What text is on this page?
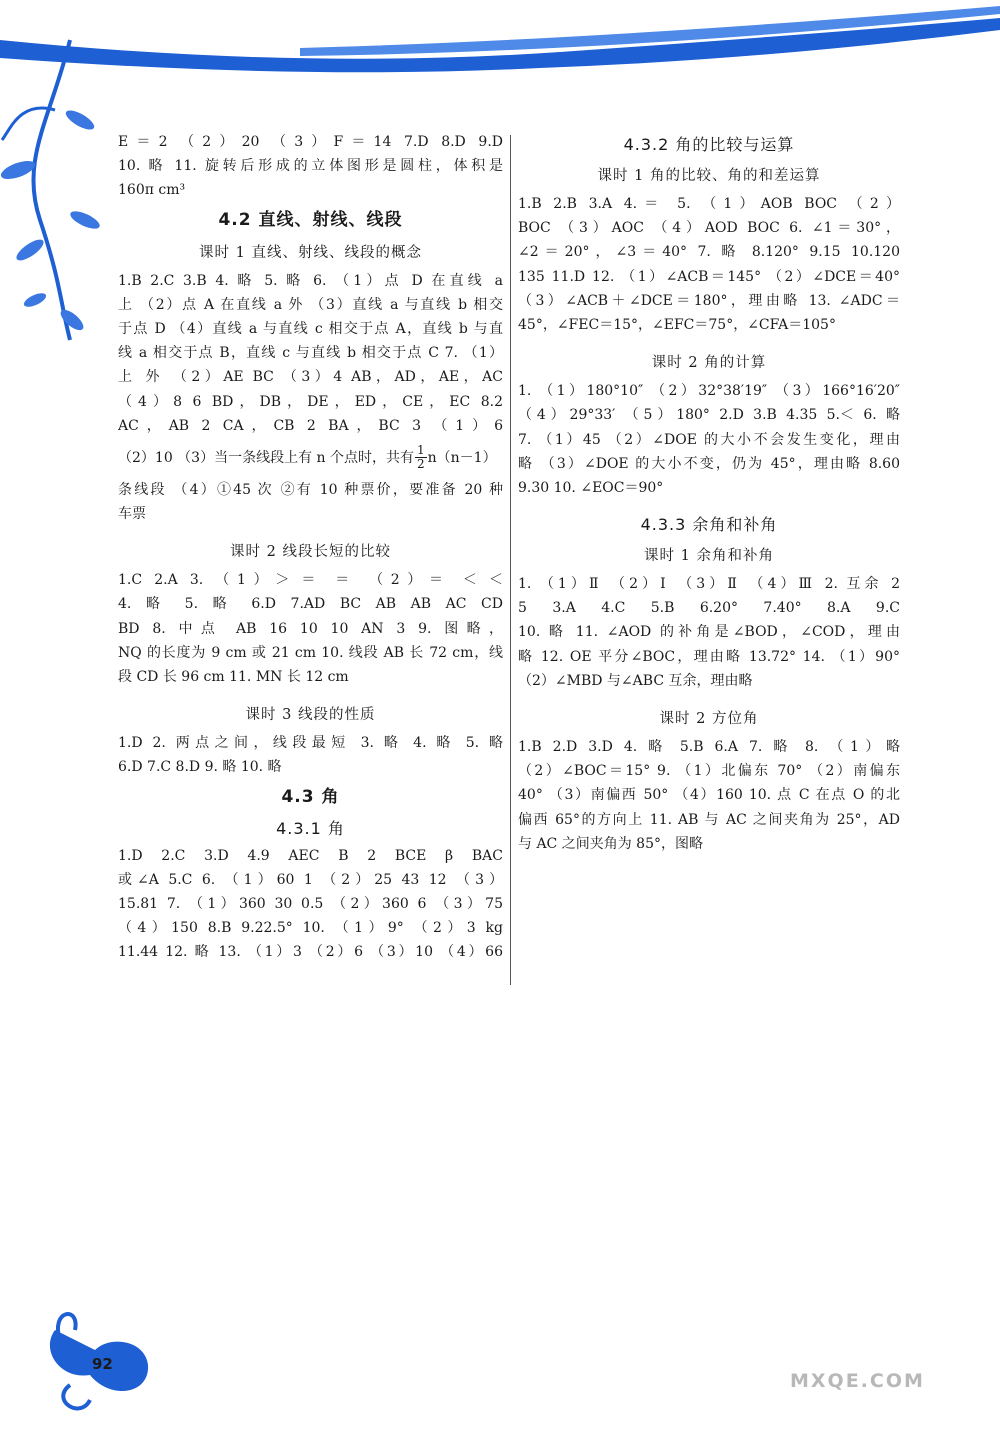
92
MXQE.COM
E＝2 （2）20 （3）F＝14 7.D 8.D 9.D
10. 略 11. 旋转后形成的立体图形是圆柱，体积是
160π cm³
4.2 直线、射线、线段
课时 1 直线、射线、线段的概念
1.B 2.C 3.B 4. 略 5. 略 6. （1）点 D 在直线 a
上 （2）点 A 在直线 a 外 （3）直线 a 与直线 b 相交
于点 D （4）直线 a 与直线 c 相交于点 A，直线 b 与直
线 a 相交于点 B，直线 c 与直线 b 相交于点 C 7. （1）
上 外 （2）AE BC （3）4 AB，AD，AE，AC
（4）8 6 BD，DB，DE，ED，CE，EC 8.2
AC，AB 2 CA，CB 2 BA，BC 3 （1）6
（2）10 （3）当一条线段上有 n 个点时，共有 $\frac{1}{2} n(n-1)$
条线段 （4）①45 次 ②有 10 种票价，要准备 20 种
车票
课时 2 线段长短的比较
1.C 2.A 3. （1）＞ ＝ ＝ （2）＝ ＜ ＜
4. 略 5. 略 6.D 7.AD BC AB AB AC CD
BD 8. 中点 AB 16 10 10 AN 3 9. 图略，
NQ 的长度为 9 cm 或 21 cm 10. 线段 AB 长 72 cm，线
段 CD 长 96 cm 11. MN 长 12 cm
课时 3 线段的性质
1.D 2. 两点之间，线段最短 3. 略 4. 略 5. 略
6.D 7.C 8.D 9. 略 10. 略
4.3 角
4.3.1 角
1.D 2.C 3.D 4.9 AEC B 2 BCE β BAC
或∠A 5.C 6. （1）60 1 （2）25 43 12 （3）
15.81 7. （1）360 30 0.5 （2）360 6 （3）75
（4）150 8.B 9.22.5° 10. （1）9° （2）3 kg
11.44 12. 略 13. （1）3 （2）6 （3）10 （4）66
4.3.2 角的比较与运算
课时 1 角的比较、角的和差运算
1.B 2.B 3.A 4.＝ 5. （1）AOB BOC （2）
BOC （3）AOC （4）AOD BOC 6. ∠1＝30°，
∠2＝20°，∠3＝40° 7. 略 8.120° 9.15 10.120
135 11.D 12. （1）∠ACB＝145° （2）∠DCE＝40°
（3）∠ACB＋∠DCE＝180°，理由略 13. ∠ADC＝
45°，∠FEC＝15°，∠EFC＝75°，∠CFA＝105°
课时 2 角的计算
1. （1）180°10″ （2）32°38′19″ （3）166°16′20″
（4）29°33′ （5）180° 2.D 3.B 4.35 5.＜ 6. 略
7. （1）45 （2）∠DOE 的大小不会发生变化，理由
略 （3）∠DOE 的大小不变，仍为 45°，理由略 8.60
9.30 10. ∠EOC＝90°
4.3.3 余角和补角
课时 1 余角和补角
1. （1）Ⅱ （2）Ⅰ （3）Ⅱ （4）Ⅲ 2. 互余 2
5 3.A 4.C 5.B 6.20° 7.40° 8.A 9.C
10. 略 11. ∠AOD 的补角是∠BOD，∠COD，理由
略 12. OE 平分∠BOC，理由略 13.72° 14. （1）90°
（2）∠MBD 与∠ABC 互余，理由略
课时 2 方位角
1.B 2.D 3.D 4. 略 5.B 6.A 7. 略 8. （1）略
（2）∠BOC＝15° 9. （1）北偏东 70° （2）南偏东
40° （3）南偏西 50° （4）160 10. 点 C 在点 O 的北
偏西 65°的方向上 11. AB 与 AC 之间夹角为 25°，AD
与 AC 之间夹角为 85°，图略
